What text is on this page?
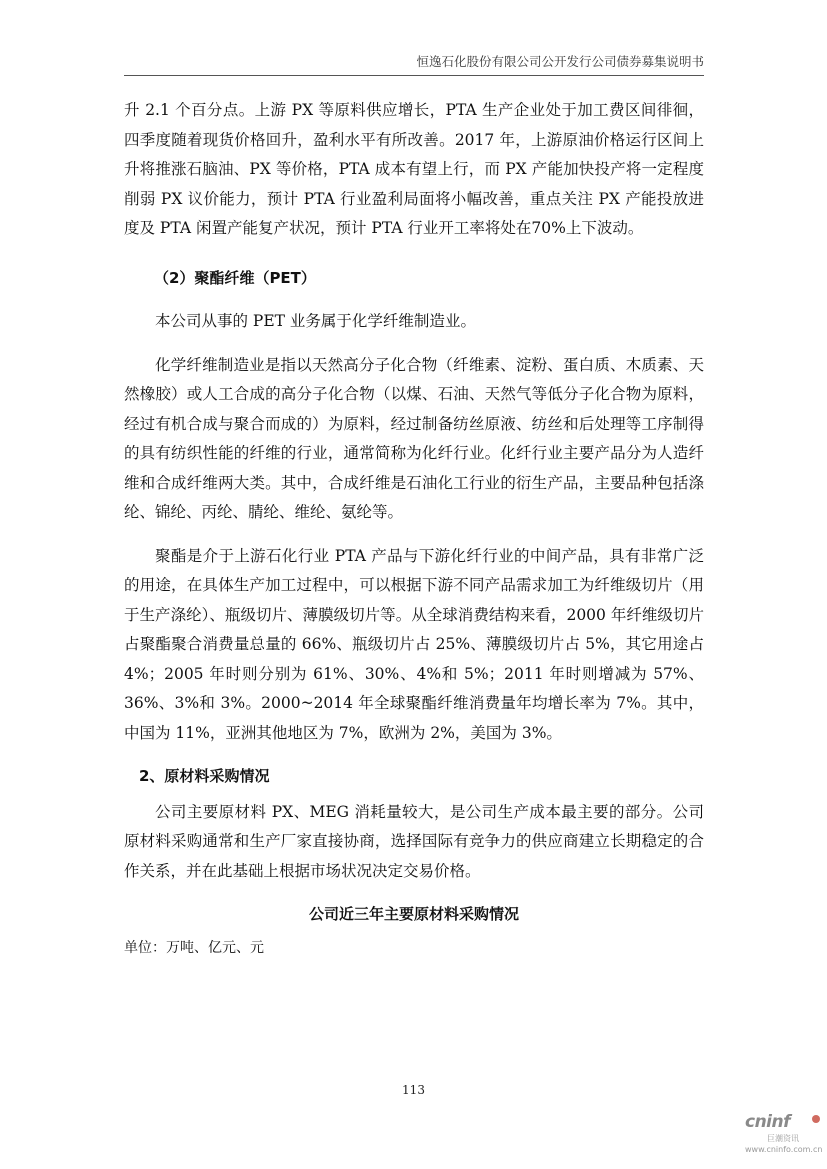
恒逸石化股份有限公司公开发行公司债券募集说明书

升 2.1 个百分点。上游 PX 等原料供应增长，PTA 生产企业处于加工费区间徘徊，四季度随着现货价格回升，盈利水平有所改善。2017 年，上游原油价格运行区间上升将推涨石脑油、PX 等价格，PTA 成本有望上行，而 PX 产能加快投产将一定程度削弱 PX 议价能力，预计 PTA 行业盈利局面将小幅改善，重点关注 PX 产能投放进度及 PTA 闲置产能复产状况，预计 PTA 行业开工率将处在70%上下波动。

（2）聚酯纤维（PET）

本公司从事的 PET 业务属于化学纤维制造业。

化学纤维制造业是指以天然高分子化合物（纤维素、淀粉、蛋白质、木质素、天然橡胶）或人工合成的高分子化合物（以煤、石油、天然气等低分子化合物为原料，经过有机合成与聚合而成的）为原料，经过制备纺丝原液、纺丝和后处理等工序制得的具有纺织性能的纤维的行业，通常简称为化纤行业。化纤行业主要产品分为人造纤维和合成纤维两大类。其中，合成纤维是石油化工行业的衍生产品，主要品种包括涤纶、锦纶、丙纶、腈纶、维纶、氨纶等。

聚酯是介于上游石化行业 PTA 产品与下游化纤行业的中间产品，具有非常广泛的用途，在具体生产加工过程中，可以根据下游不同产品需求加工为纤维级切片（用于生产涤纶）、瓶级切片、薄膜级切片等。从全球消费结构来看，2000 年纤维级切片占聚酯聚合消费量总量的 66%、瓶级切片占 25%、薄膜级切片占 5%，其它用途占 4%；2005 年时则分别为 61%、30%、4%和 5%；2011 年时则增减为 57%、36%、3%和 3%。2000~2014 年全球聚酯纤维消费量年均增长率为 7%。其中，中国为 11%，亚洲其他地区为 7%，欧洲为 2%，美国为 3%。

2、原材料采购情况

公司主要原材料 PX、MEG 消耗量较大，是公司生产成本最主要的部分。公司原材料采购通常和生产厂家直接协商，选择国际有竞争力的供应商建立长期稳定的合作关系，并在此基础上根据市场状况决定交易价格。

公司近三年主要原材料采购情况

单位：万吨、亿元、元

113
cninf
巨潮资讯
www.cninfo.com.cn
